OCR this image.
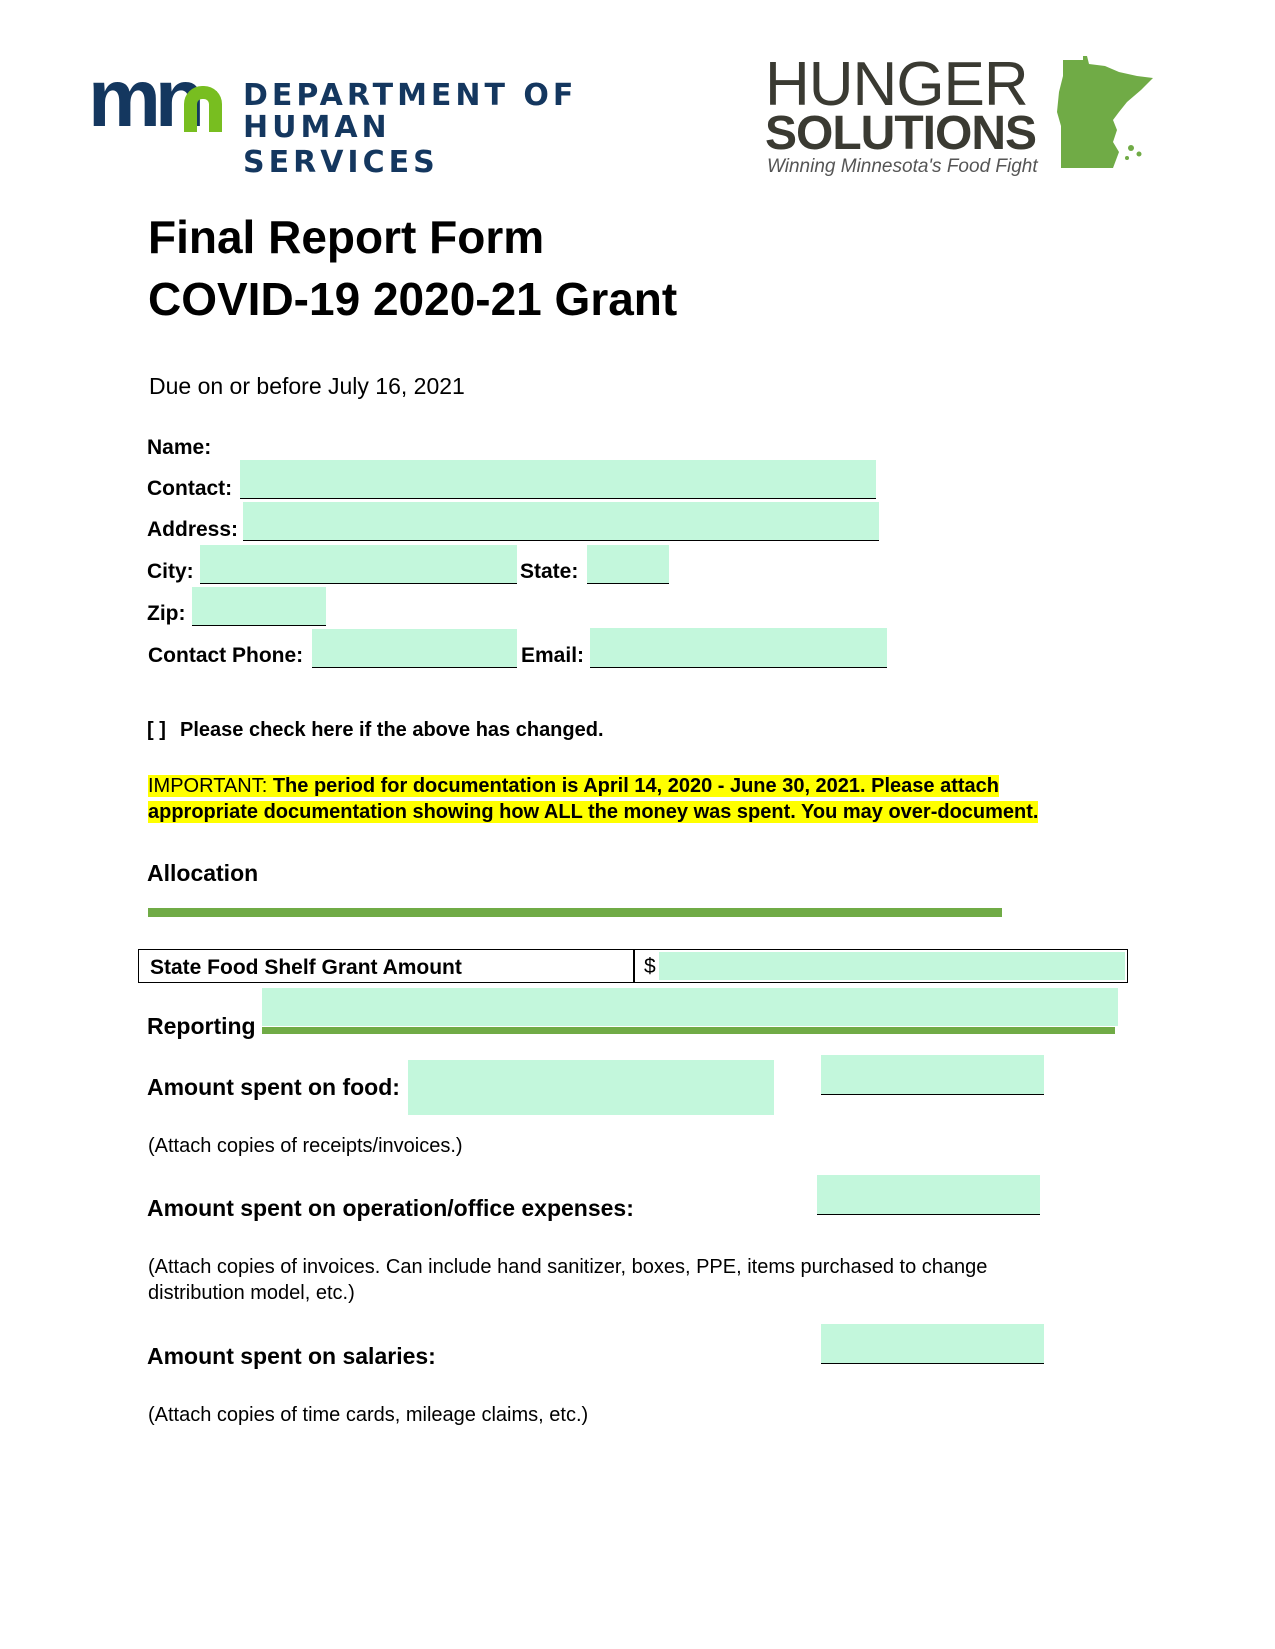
mn DEPARTMENT OF
HUMAN SERVICES
HUNGER
SOLUTIONS
Winning Minnesota's Food Fight
Final Report Form
COVID-19 2020-21 Grant
Due on or before July 16, 2021
Name:
Contact:
Address:
City:	State:
Zip:
Contact Phone:	Email:
[ ] Please check here if the above has changed.
IMPORTANT: The period for documentation is April 14, 2020 - June 30, 2021. Please attach
appropriate documentation showing how ALL the money was spent. You may over-document.
Allocation
State Food Shelf Grant Amount	$
Reporting
Amount spent on food:
(Attach copies of receipts/invoices.)
Amount spent on operation/office expenses:
(Attach copies of invoices. Can include hand sanitizer, boxes, PPE, items purchased to change
distribution model, etc.)
Amount spent on salaries:
(Attach copies of time cards, mileage claims, etc.)
